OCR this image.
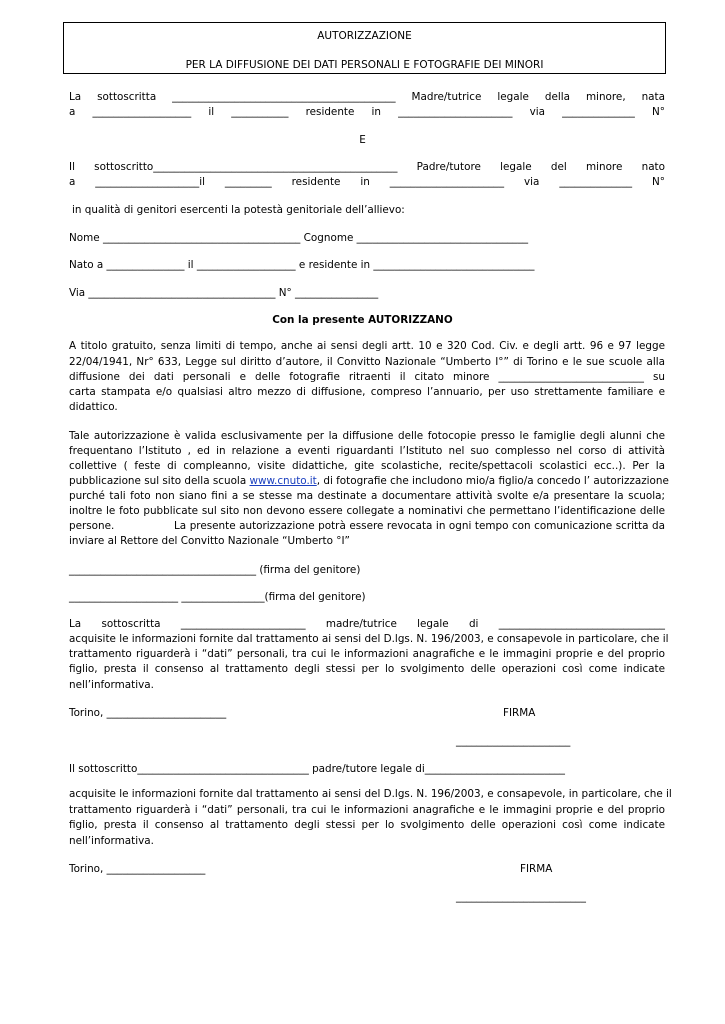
AUTORIZZAZIONE
PER LA DIFFUSIONE DEI DATI PERSONALI E FOTOGRAFIE DEI MINORI
La sottoscritta ___________________________________________ Madre/tutrice legale della minore, nata
a ___________________ il ___________ residente in ______________________ via ______________ N°
E
Il sottoscritto_______________________________________________ Padre/tutore legale del minore nato
a ____________________il _________ residente in ______________________ via ______________ N°
in qualità di genitori esercenti la potestà genitoriale dell’allievo:
Nome ______________________________________ Cognome _________________________________
Nato a _______________ il ___________________ e residente in _______________________________
Via ____________________________________ N° ________________
Con la presente AUTORIZZANO
A titolo gratuito, senza limiti di tempo, anche ai sensi degli artt. 10 e 320 Cod. Civ. e degli artt. 96 e 97 legge
22/04/1941, Nr° 633, Legge sul diritto d’autore, il Convitto Nazionale “Umberto I°” di Torino e le sue scuole alla
diffusione dei dati personali e delle fotografie ritraenti il citato minore ____________________________ su
carta stampata e/o qualsiasi altro mezzo di diffusione, compreso l’annuario, per uso strettamente familiare e
didattico.
Tale autorizzazione è valida esclusivamente per la diffusione delle fotocopie presso le famiglie degli alunni che
frequentano l’Istituto , ed in relazione a eventi riguardanti l’Istituto nel suo complesso nel corso di attività
collettive ( feste di compleanno, visite didattiche, gite scolastiche, recite/spettacoli scolastici ecc..). Per la
pubblicazione sul sito della scuola www.cnuto.it, di fotografie che includono mio/a figlio/a concedo l’ autorizzazione
purché tali foto non siano fini a se stesse ma destinate a documentare attività svolte e/a presentare la scuola;
inoltre le foto pubblicate sul sito non devono essere collegate a nominativi che permettano l’identificazione delle
persone.	La presente autorizzazione potrà essere revocata in ogni tempo con comunicazione scritta da
inviare al Rettore del Convitto Nazionale “Umberto °I”
____________________________________ (firma del genitore)
_____________________ ________________(firma del genitore)
La sottoscritta ________________________ madre/tutrice legale di ________________________________
acquisite le informazioni fornite dal trattamento ai sensi del D.lgs. N. 196/2003, e consapevole in particolare, che il
trattamento riguarderà i “dati” personali, tra cui le informazioni anagrafiche e le immagini proprie e del proprio
figlio, presta il consenso al trattamento degli stessi per lo svolgimento delle operazioni così come indicate
nell’informativa.
Torino, _______________________	FIRMA
______________________
Il sottoscritto_________________________________ padre/tutore legale di___________________________
acquisite le informazioni fornite dal trattamento ai sensi del D.lgs. N. 196/2003, e consapevole, in particolare, che il
trattamento riguarderà i “dati” personali, tra cui le informazioni anagrafiche e le immagini proprie e del proprio
figlio, presta il consenso al trattamento degli stessi per lo svolgimento delle operazioni così come indicate
nell’informativa.
Torino, ___________________	FIRMA
_________________________
